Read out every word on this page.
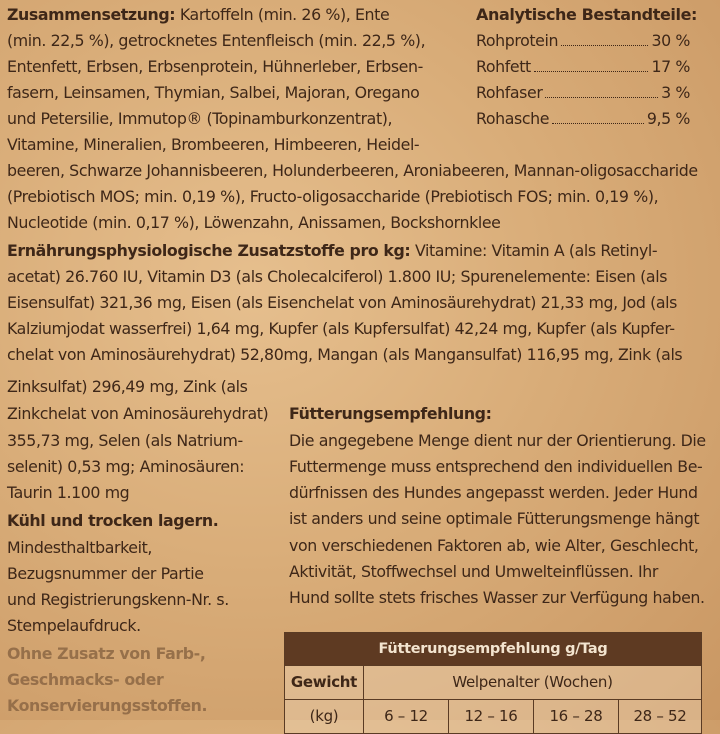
Zusammensetzung: Kartoffeln (min. 26 %), Ente
(min. 22,5 %), getrocknetes Entenfleisch (min. 22,5 %),
Entenfett, Erbsen, Erbsenprotein, Hühnerleber, Erbsen-
fasern, Leinsamen, Thymian, Salbei, Majoran, Oregano
und Petersilie, Immutop® (Topinamburkonzentrat),
Vitamine, Mineralien, Brombeeren, Himbeeren, Heidel-
beeren, Schwarze Johannisbeeren, Holunderbeeren, Aroniabeeren, Mannan-oligosaccharide
(Prebiotisch MOS; min. 0,19 %), Fructo-oligosaccharide (Prebiotisch FOS; min. 0,19 %),
Nucleotide (min. 0,17 %), Löwenzahn, Anissamen, Bockshornklee
Analytische Bestandteile:
Rohprotein	30 %
Rohfett	17 %
Rohfaser	3 %
Rohasche	9,5 %
Ernährungsphysiologische Zusatzstoffe pro kg: Vitamine: Vitamin A (als Retinyl-
acetat) 26.760 IU, Vitamin D3 (als Cholecalciferol) 1.800 IU; Spurenelemente: Eisen (als
Eisensulfat) 321,36 mg, Eisen (als Eisenchelat von Aminosäurehydrat) 21,33 mg, Jod (als
Kalziumjodat wasserfrei) 1,64 mg, Kupfer (als Kupfersulfat) 42,24 mg, Kupfer (als Kupfer-
chelat von Aminosäurehydrat) 52,80mg, Mangan (als Mangansulfat) 116,95 mg, Zink (als
Zinksulfat) 296,49 mg, Zink (als
Zinkchelat von Aminosäurehydrat)
355,73 mg, Selen (als Natrium-
selenit) 0,53 mg; Aminosäuren:
Taurin 1.100 mg
Kühl und trocken lagern.
Mindesthaltbarkeit,
Bezugsnummer der Partie
und Registrierungskenn-Nr. s.
Stempelaufdruck.
Ohne Zusatz von Farb-,
Geschmacks- oder
Konservierungsstoffen.
Fütterungsempfehlung:
Die angegebene Menge dient nur der Orientierung. Die
Futtermenge muss entsprechend den individuellen Be-
dürfnissen des Hundes angepasst werden. Jeder Hund
ist anders und seine optimale Fütterungsmenge hängt
von verschiedenen Faktoren ab, wie Alter, Geschlecht,
Aktivität, Stoffwechsel und Umwelteinflüssen. Ihr
Hund sollte stets frisches Wasser zur Verfügung haben.
Fütterungsempfehlung g/Tag
Gewicht	Welpenalter (Wochen)
(kg)	6 – 12	12 – 16	16 – 28	28 – 52
